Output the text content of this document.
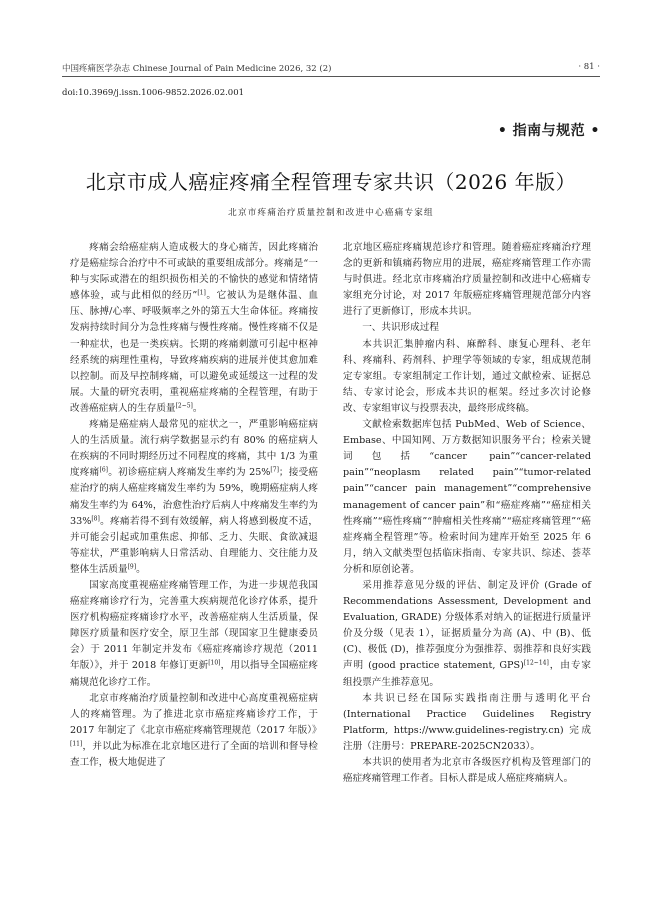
中国疼痛医学杂志 Chinese Journal of Pain Medicine 2026, 32 (2)	· 81 ·
doi:10.3969/j.issn.1006-9852.2026.02.001
• 指南与规范 •
北京市成人癌症疼痛全程管理专家共识（2026 年版）
北京市疼痛治疗质量控制和改进中心癌痛专家组

疼痛会给癌症病人造成极大的身心痛苦，因此疼痛治疗是癌症综合治疗中不可或缺的重要组成部分。疼痛是“一种与实际或潜在的组织损伤相关的不愉快的感觉和情绪情感体验，或与此相似的经历”[1]。它被认为是继体温、血压、脉搏/心率、呼吸频率之外的第五大生命体征。疼痛按发病持续时间分为急性疼痛与慢性疼痛。慢性疼痛不仅是一种症状，也是一类疾病。长期的疼痛刺激可引起中枢神经系统的病理性重构，导致疼痛疾病的进展并使其愈加难以控制。而及早控制疼痛，可以避免或延缓这一过程的发展。大量的研究表明，重视癌症疼痛的全程管理，有助于改善癌症病人的生存质量[2~5]。

疼痛是癌症病人最常见的症状之一，严重影响癌症病人的生活质量。流行病学数据显示约有 80% 的癌症病人在疾病的不同时期经历过不同程度的疼痛，其中 1/3 为重度疼痛[6]。初诊癌症病人疼痛发生率约为 25%[7]；接受癌症治疗的病人癌症疼痛发生率约为 59%，晚期癌症病人疼痛发生率约为 64%，治愈性治疗后病人中疼痛发生率约为 33%[8]。疼痛若得不到有效缓解，病人将感到极度不适，并可能会引起或加重焦虑、抑郁、乏力、失眠、食欲减退等症状，严重影响病人日常活动、自理能力、交往能力及整体生活质量[9]。

国家高度重视癌症疼痛管理工作，为进一步规范我国癌症疼痛诊疗行为，完善重大疾病规范化诊疗体系，提升医疗机构癌症疼痛诊疗水平，改善癌症病人生活质量，保障医疗质量和医疗安全，原卫生部（现国家卫生健康委员会）于 2011 年制定并发布《癌症疼痛诊疗规范（2011 年版）》，并于 2018 年修订更新[10]，用以指导全国癌症疼痛规范化诊疗工作。

北京市疼痛治疗质量控制和改进中心高度重视癌症病人的疼痛管理。为了推进北京市癌症疼痛诊疗工作，于 2017 年制定了《北京市癌症疼痛管理规范（2017 年版）》[11]，并以此为标准在北京地区进行了全面的培训和督导检查工作，极大地促进了

北京地区癌症疼痛规范诊疗和管理。随着癌症疼痛治疗理念的更新和镇痛药物应用的进展，癌症疼痛管理工作亦需与时俱进。经北京市疼痛治疗质量控制和改进中心癌痛专家组充分讨论，对 2017 年版癌症疼痛管理规范部分内容进行了更新修订，形成本共识。

一、共识形成过程

本共识汇集肿瘤内科、麻醉科、康复心理科、老年科、疼痛科、药剂科、护理学等领域的专家，组成规范制定专家组。专家组制定工作计划，通过文献检索、证据总结、专家讨论会，形成本共识的框架。经过多次讨论修改、专家组审议与投票表决，最终形成终稿。

文献检索数据库包括 PubMed、Web of Science、Embase、中国知网、万方数据知识服务平台；检索关键词包括“cancer pain”“cancer-related pain”“neoplasm related pain”“tumor-related pain”“cancer pain management”“comprehensive management of cancer pain”和“癌症疼痛”“癌症相关性疼痛”“癌性疼痛”“肿瘤相关性疼痛”“癌症疼痛管理”“癌症疼痛全程管理”等。检索时间为建库开始至 2025 年 6 月，纳入文献类型包括临床指南、专家共识、综述、荟萃分析和原创论著。

采用推荐意见分级的评估、制定及评价 (Grade of Recommendations Assessment, Development and Evaluation, GRADE) 分级体系对纳入的证据进行质量评价及分级（见表 1），证据质量分为高 (A)、中 (B)、低 (C)、极低 (D)，推荐强度分为强推荐、弱推荐和良好实践声明 (good practice statement, GPS)[12~14]，由专家组投票产生推荐意见。

本共识已经在国际实践指南注册与透明化平台 (International Practice Guidelines Registry Platform, https://www.guidelines-registry.cn) 完成注册（注册号：PREPARE-2025CN2033）。

本共识的使用者为北京市各级医疗机构及管理部门的癌症疼痛管理工作者。目标人群是成人癌症疼痛病人。
